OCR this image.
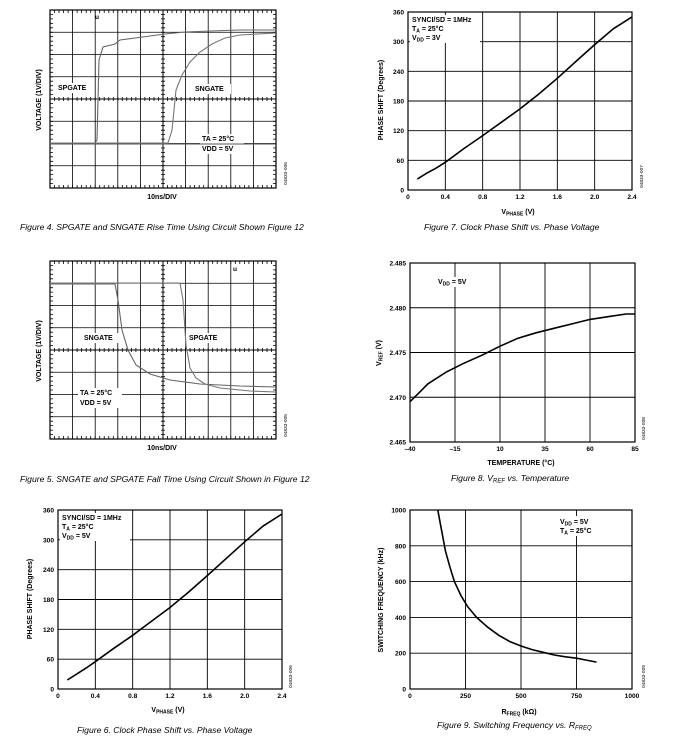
VOLTAGE (1V/DIV)
10ns/DIV
SPGATE	SNGATE
TA = 25°C
VDD = 5V
u
04833-006
Figure 4. SPGATE and SNGATE Rise Time Using Circuit Shown Figure 12
VOLTAGE (1V/DIV)
10ns/DIV
SNGATE	SPGATE
TA = 25°C
VDD = 5V
u
04833-005
Figure 5. SNGATE and SPGATE Fall Time Using Circuit Shown in Figure 12
0	0.4	0.8	1.2	1.6	2.0	2.4
0
60
120
180
240
300
360
PHASE SHIFT (Degrees)
$V_{PHASE}$ (V)
SYNCI/SD = 1MHz
$T_A = 25^\circ C$
$V_{DD} = 5V$
04833-006
Figure 6. Clock Phase Shift vs. Phase Voltage
0	0.4	0.8	1.2	1.6	2.0	2.4
0
60
120
180
240
300
360
PHASE SHIFT (Degrees)
$V_{PHASE}$ (V)
SYNCI/SD = 1MHz
$T_A = 25^\circ C$
$V_{DD} = 3V$
04833-007
Figure 7. Clock Phase Shift vs. Phase Voltage
–40	–15	10	35	60	85
2.465
2.470
2.475
2.480
2.485
$V_{REF}$ (V)
TEMPERATURE (°C)
$V_{DD} = 5V$
04833-008
Figure 8. VREF vs. Temperature
0	250	500	750	1000
0
200
400
600
800
1000
SWITCHING FREQUENCY (kHz)
$R_{FREQ}$ (kΩ)
$V_{DD} = 5V$
$T_A = 25^\circ C$
04833-009
Figure 9. Switching Frequency vs. RFREQ
